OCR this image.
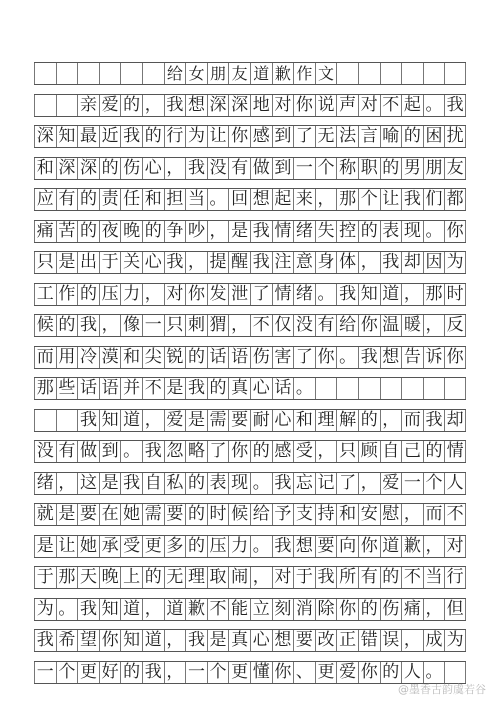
给 女 朋 友 道 歉 作 文
亲 爱 的 ， 我 想 深 深 地 对 你 说 声 对 不 起 。 我
深 知 最 近 我 的 行 为 让 你 感 到 了 无 法 言 喻 的 困 扰
和 深 深 的 伤 心 ， 我 没 有 做 到 一 个 称 职 的 男 朋 友
应 有 的 责 任 和 担 当 。 回 想 起 来 ， 那 个 让 我 们 都
痛 苦 的 夜 晚 的 争 吵 ， 是 我 情 绪 失 控 的 表 现 。 你
只 是 出 于 关 心 我 ， 提 醒 我 注 意 身 体 ， 我 却 因 为
工 作 的 压 力 ， 对 你 发 泄 了 情 绪 。 我 知 道 ， 那 时
候 的 我 ， 像 一 只 刺 猬 ， 不 仅 没 有 给 你 温 暖 ， 反
而 用 冷 漠 和 尖 锐 的 话 语 伤 害 了 你 。 我 想 告 诉 你
那 些 话 语 并 不 是 我 的 真 心 话 。
我 知 道 ， 爱 是 需 要 耐 心 和 理 解 的 ， 而 我 却
没 有 做 到 。 我 忽 略 了 你 的 感 受 ， 只 顾 自 己 的 情
绪 ， 这 是 我 自 私 的 表 现 。 我 忘 记 了 ， 爱 一 个 人
就 是 要 在 她 需 要 的 时 候 给 予 支 持 和 安 慰 ， 而 不
是 让 她 承 受 更 多 的 压 力 。 我 想 要 向 你 道 歉 ， 对
于 那 天 晚 上 的 无 理 取 闹 ， 对 于 我 所 有 的 不 当 行
为 。 我 知 道 ， 道 歉 不 能 立 刻 消 除 你 的 伤 痛 ， 但
我 希 望 你 知 道 ， 我 是 真 心 想 要 改 正 错 误 ， 成 为
一 个 更 好 的 我 ， 一 个 更 懂 你 、 更 爱 你 的 人 。
@墨香古韵虞若谷
